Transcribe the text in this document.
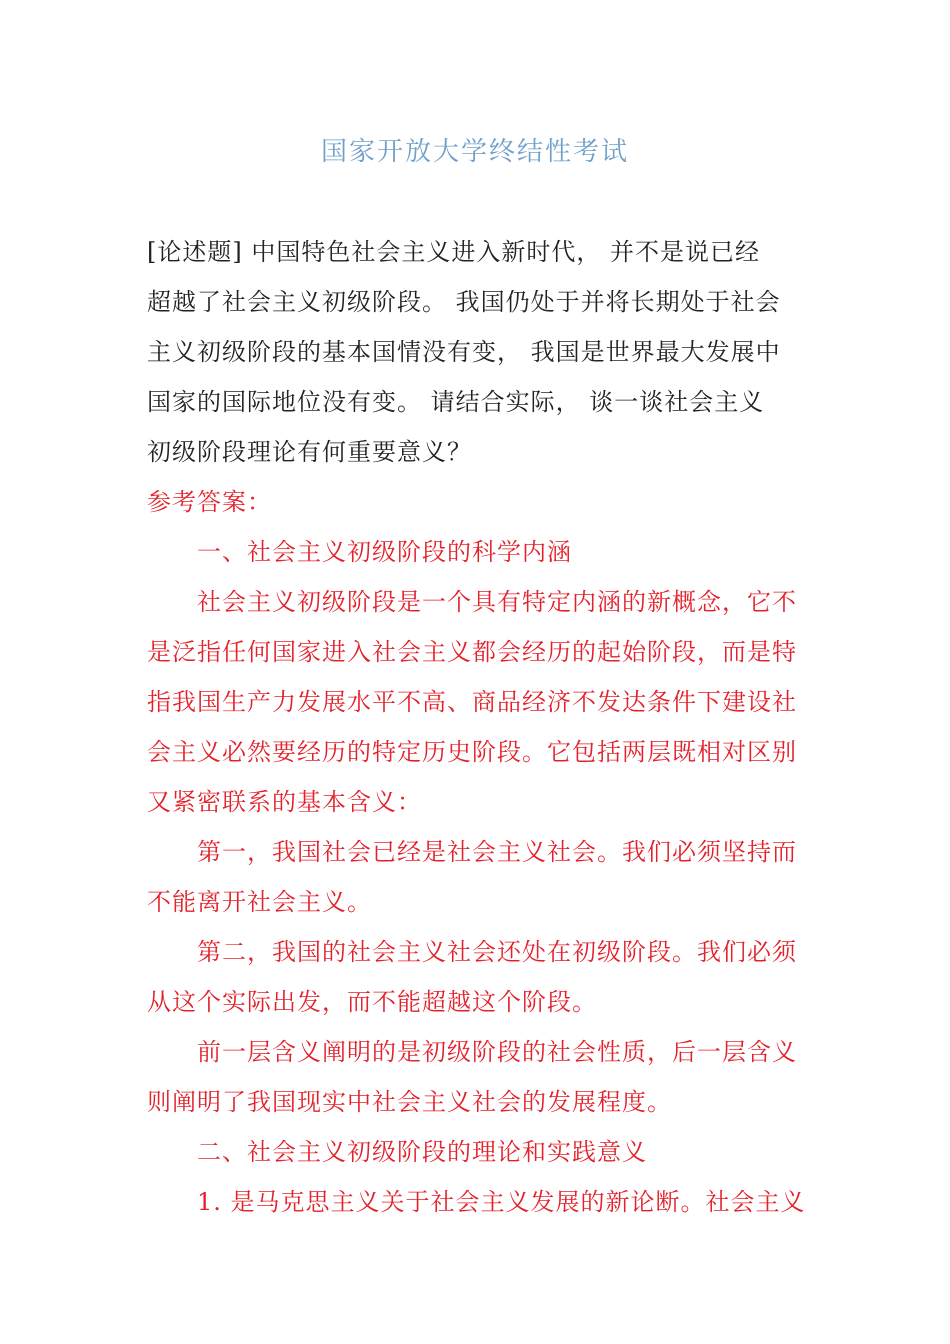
国家开放大学终结性考试
[论述题] 中国特色社会主义进入新时代， 并不是说已经
超越了社会主义初级阶段。 我国仍处于并将长期处于社会
主义初级阶段的基本国情没有变， 我国是世界最大发展中
国家的国际地位没有变。 请结合实际， 谈一谈社会主义
初级阶段理论有何重要意义？
参考答案：
一、社会主义初级阶段的科学内涵
社会主义初级阶段是一个具有特定内涵的新概念，它不
是泛指任何国家进入社会主义都会经历的起始阶段，而是特
指我国生产力发展水平不高、商品经济不发达条件下建设社
会主义必然要经历的特定历史阶段。它包括两层既相对区别
又紧密联系的基本含义：
第一，我国社会已经是社会主义社会。我们必须坚持而
不能离开社会主义。
第二，我国的社会主义社会还处在初级阶段。我们必须
从这个实际出发，而不能超越这个阶段。
前一层含义阐明的是初级阶段的社会性质，后一层含义
则阐明了我国现实中社会主义社会的发展程度。
二、社会主义初级阶段的理论和实践意义
1. 是马克思主义关于社会主义发展的新论断。社会主义
